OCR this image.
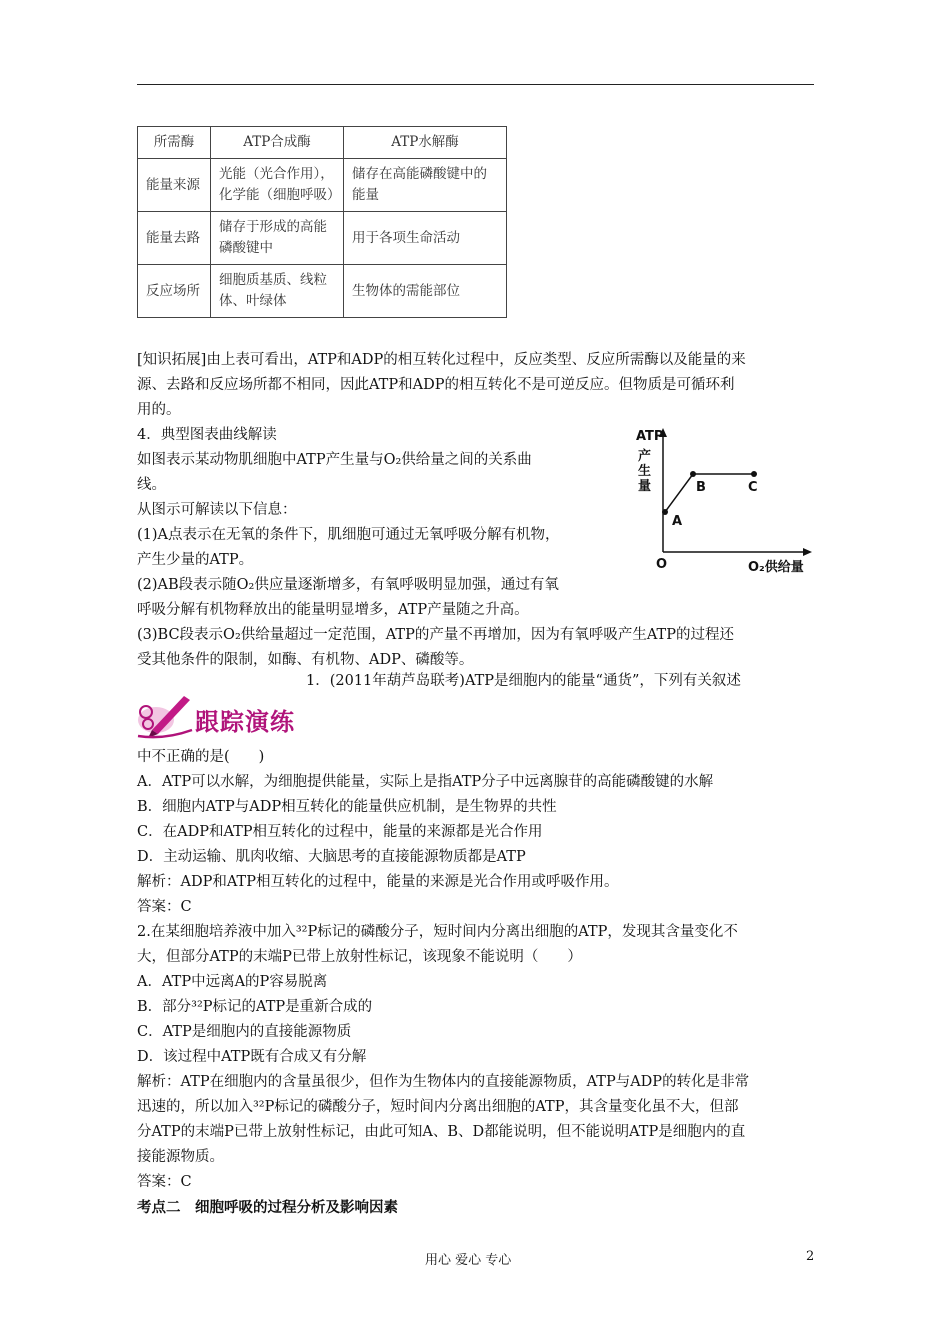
所需酶	ATP合成酶	ATP水解酶
能量来源	光能（光合作用），化学能（细胞呼吸）	储存在高能磷酸键中的能量
能量去路	储存于形成的高能磷酸键中	用于各项生命活动
反应场所	细胞质基质、线粒体、叶绿体	生物体的需能部位
[知识拓展]由上表可看出，ATP和ADP的相互转化过程中，反应类型、反应所需酶以及能量的来
源、去路和反应场所都不相同，因此ATP和ADP的相互转化不是可逆反应。但物质是可循环利
用的。
4．典型图表曲线解读
如图表示某动物肌细胞中ATP产生量与O₂供给量之间的关系曲
线。
从图示可解读以下信息：
(1)A点表示在无氧的条件下，肌细胞可通过无氧呼吸分解有机物，
产生少量的ATP。
(2)AB段表示随O₂供应量逐渐增多，有氧呼吸明显加强，通过有氧
呼吸分解有机物释放出的能量明显增多，ATP产量随之升高。
(3)BC段表示O₂供给量超过一定范围，ATP的产量不再增加，因为有氧呼吸产生ATP的过程还
受其他条件的限制，如酶、有机物、ADP、磷酸等。
1．(2011年葫芦岛联考)ATP是细胞内的能量“通货”，下列有关叙述
ATP
产
生
量
O	O₂供给量
A
B	C
跟踪演练
中不正确的是(　　)
A．ATP可以水解，为细胞提供能量，实际上是指ATP分子中远离腺苷的高能磷酸键的水解
B．细胞内ATP与ADP相互转化的能量供应机制，是生物界的共性
C．在ADP和ATP相互转化的过程中，能量的来源都是光合作用
D．主动运输、肌肉收缩、大脑思考的直接能源物质都是ATP
解析：ADP和ATP相互转化的过程中，能量的来源是光合作用或呼吸作用。
答案：C
2.在某细胞培养液中加入³²P标记的磷酸分子，短时间内分离出细胞的ATP，发现其含量变化不
大，但部分ATP的末端P已带上放射性标记，该现象不能说明（　　）
A．ATP中远离A的P容易脱离
B．部分³²P标记的ATP是重新合成的
C．ATP是细胞内的直接能源物质
D．该过程中ATP既有合成又有分解
解析：ATP在细胞内的含量虽很少，但作为生物体内的直接能源物质，ATP与ADP的转化是非常
迅速的，所以加入³²P标记的磷酸分子，短时间内分离出细胞的ATP，其含量变化虽不大，但部
分ATP的末端P已带上放射性标记，由此可知A、B、D都能说明，但不能说明ATP是细胞内的直
接能源物质。
答案：C
考点二　细胞呼吸的过程分析及影响因素
用心 爱心 专心	2
